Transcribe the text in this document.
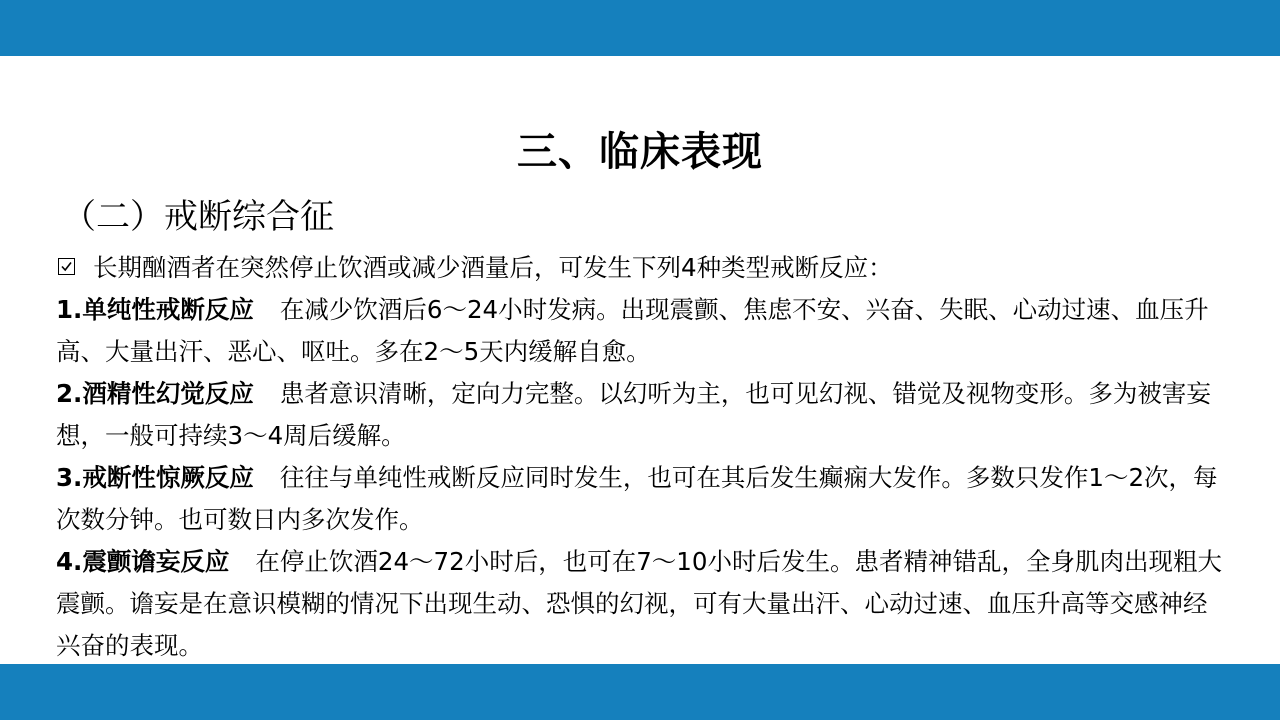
三、临床表现
（二）戒断综合征
长期酗酒者在突然停止饮酒或减少酒量后，可发生下列4种类型戒断反应：
1.单纯性戒断反应 在减少饮酒后6～24小时发病。出现震颤、焦虑不安、兴奋、失眠、心动过速、血压升高、大量出汗、恶心、呕吐。多在2～5天内缓解自愈。
2.酒精性幻觉反应 患者意识清晰，定向力完整。以幻听为主，也可见幻视、错觉及视物变形。多为被害妄想，一般可持续3～4周后缓解。
3.戒断性惊厥反应 往往与单纯性戒断反应同时发生，也可在其后发生癫痫大发作。多数只发作1～2次，每次数分钟。也可数日内多次发作。
4.震颤谵妄反应 在停止饮酒24～72小时后，也可在7～10小时后发生。患者精神错乱，全身肌肉出现粗大震颤。谵妄是在意识模糊的情况下出现生动、恐惧的幻视，可有大量出汗、心动过速、血压升高等交感神经兴奋的表现。
